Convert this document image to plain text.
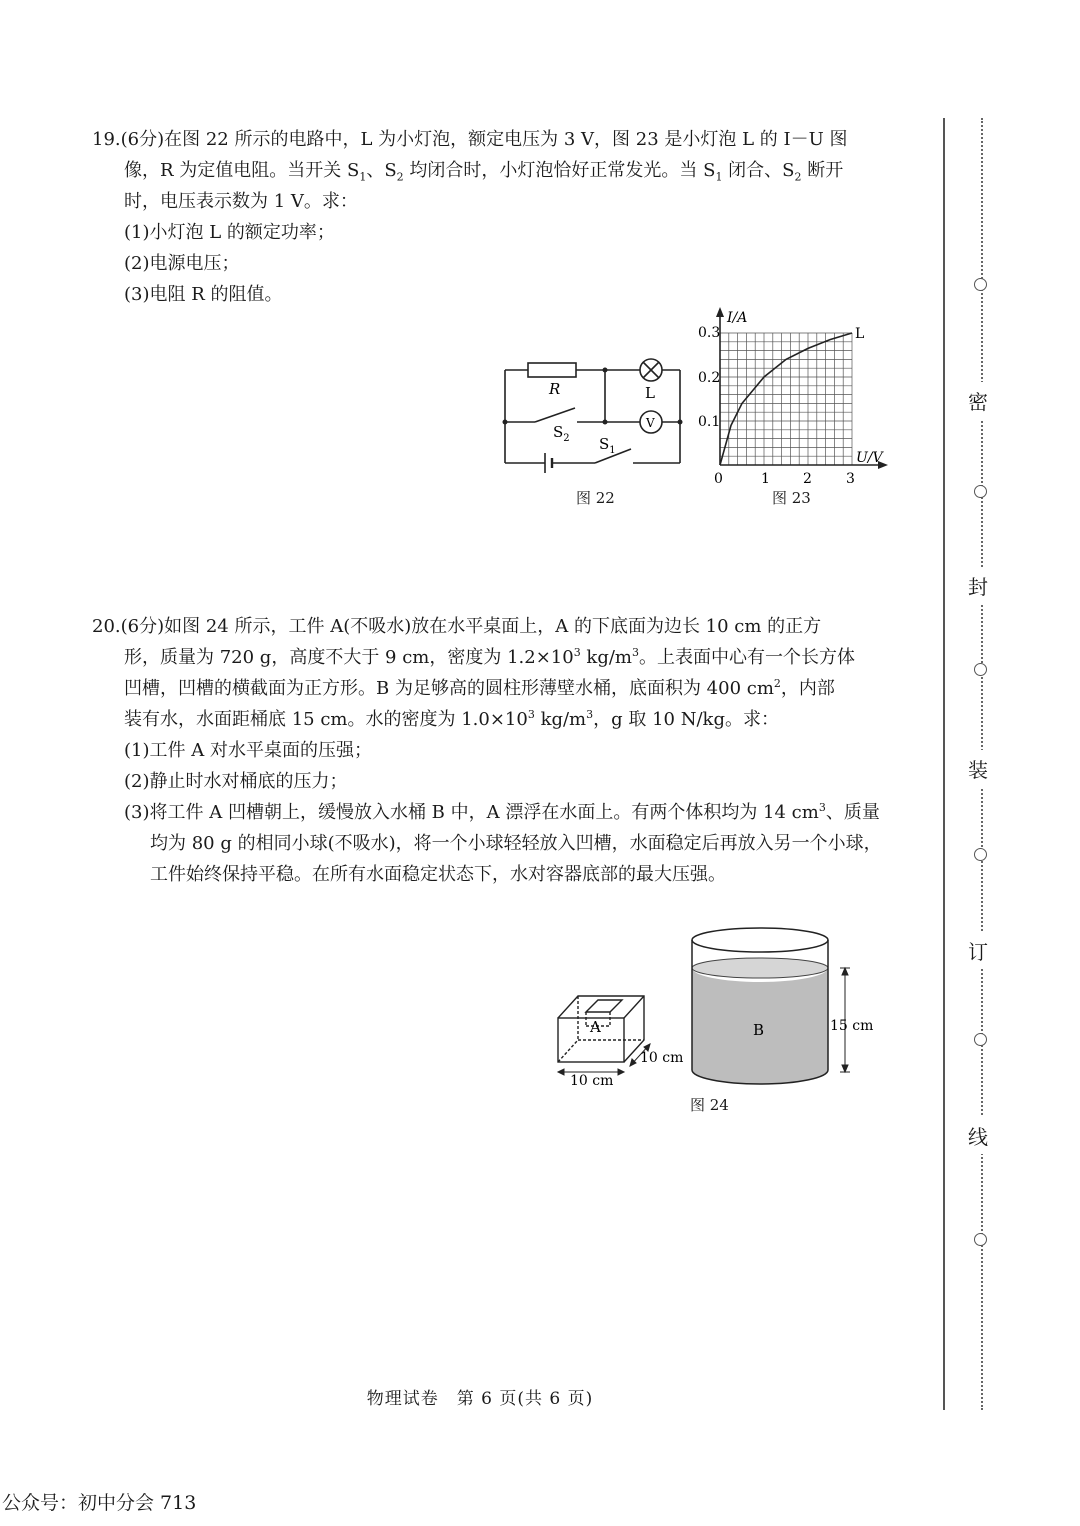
19.(6分)在图 22 所示的电路中，L 为小灯泡，额定电压为 3 V，图 23 是小灯泡 L 的 I－U 图

像，R 为定值电阻。当开关 $S_1$、$S_2$ 均闭合时，小灯泡恰好正常发光。当 $S_1$ 闭合、$S_2$ 断开

时，电压表示数为 1 V。求：

(1)小灯泡 L 的额定功率；

(2)电源电压；

(3)电阻 R 的阻值。

R	L
V
$S_2$ $S_1$
图 22
I/A
U/V
0
0.1
0.2
0.3
1 2 3
L
图 23

20.(6分)如图 24 所示，工件 A(不吸水)放在水平桌面上，A 的下底面为边长 10 cm 的正方

形，质量为 720 g，高度不大于 9 cm，密度为 $1.2\times 10^3$ $kg/m^3$。上表面中心有一个长方体

凹槽，凹槽的横截面为正方形。B 为足够高的圆柱形薄壁水桶，底面积为 400 $cm^2$，内部

装有水，水面距桶底 15 cm。水的密度为 $1.0\times 10^3$ $kg/m^3$，g 取 10 N/kg。求：

(1)工件 A 对水平桌面的压强；

(2)静止时水对桶底的压力；

(3)将工件 A 凹槽朝上，缓慢放入水桶 B 中，A 漂浮在水面上。有两个体积均为 14 $cm^3$、质量均为 80 g 的相同小球(不吸水)，将一个小球轻轻放入凹槽，水面稳定后再放入另一个小球，工件始终保持平稳。在所有水面稳定状态下，水对容器底部的最大压强。

A
10 cm
10 cm
B	15 cm
图 24
密
封
装
订
线
物理试卷　第 6 页(共 6 页)
公众号：初中分会 713
